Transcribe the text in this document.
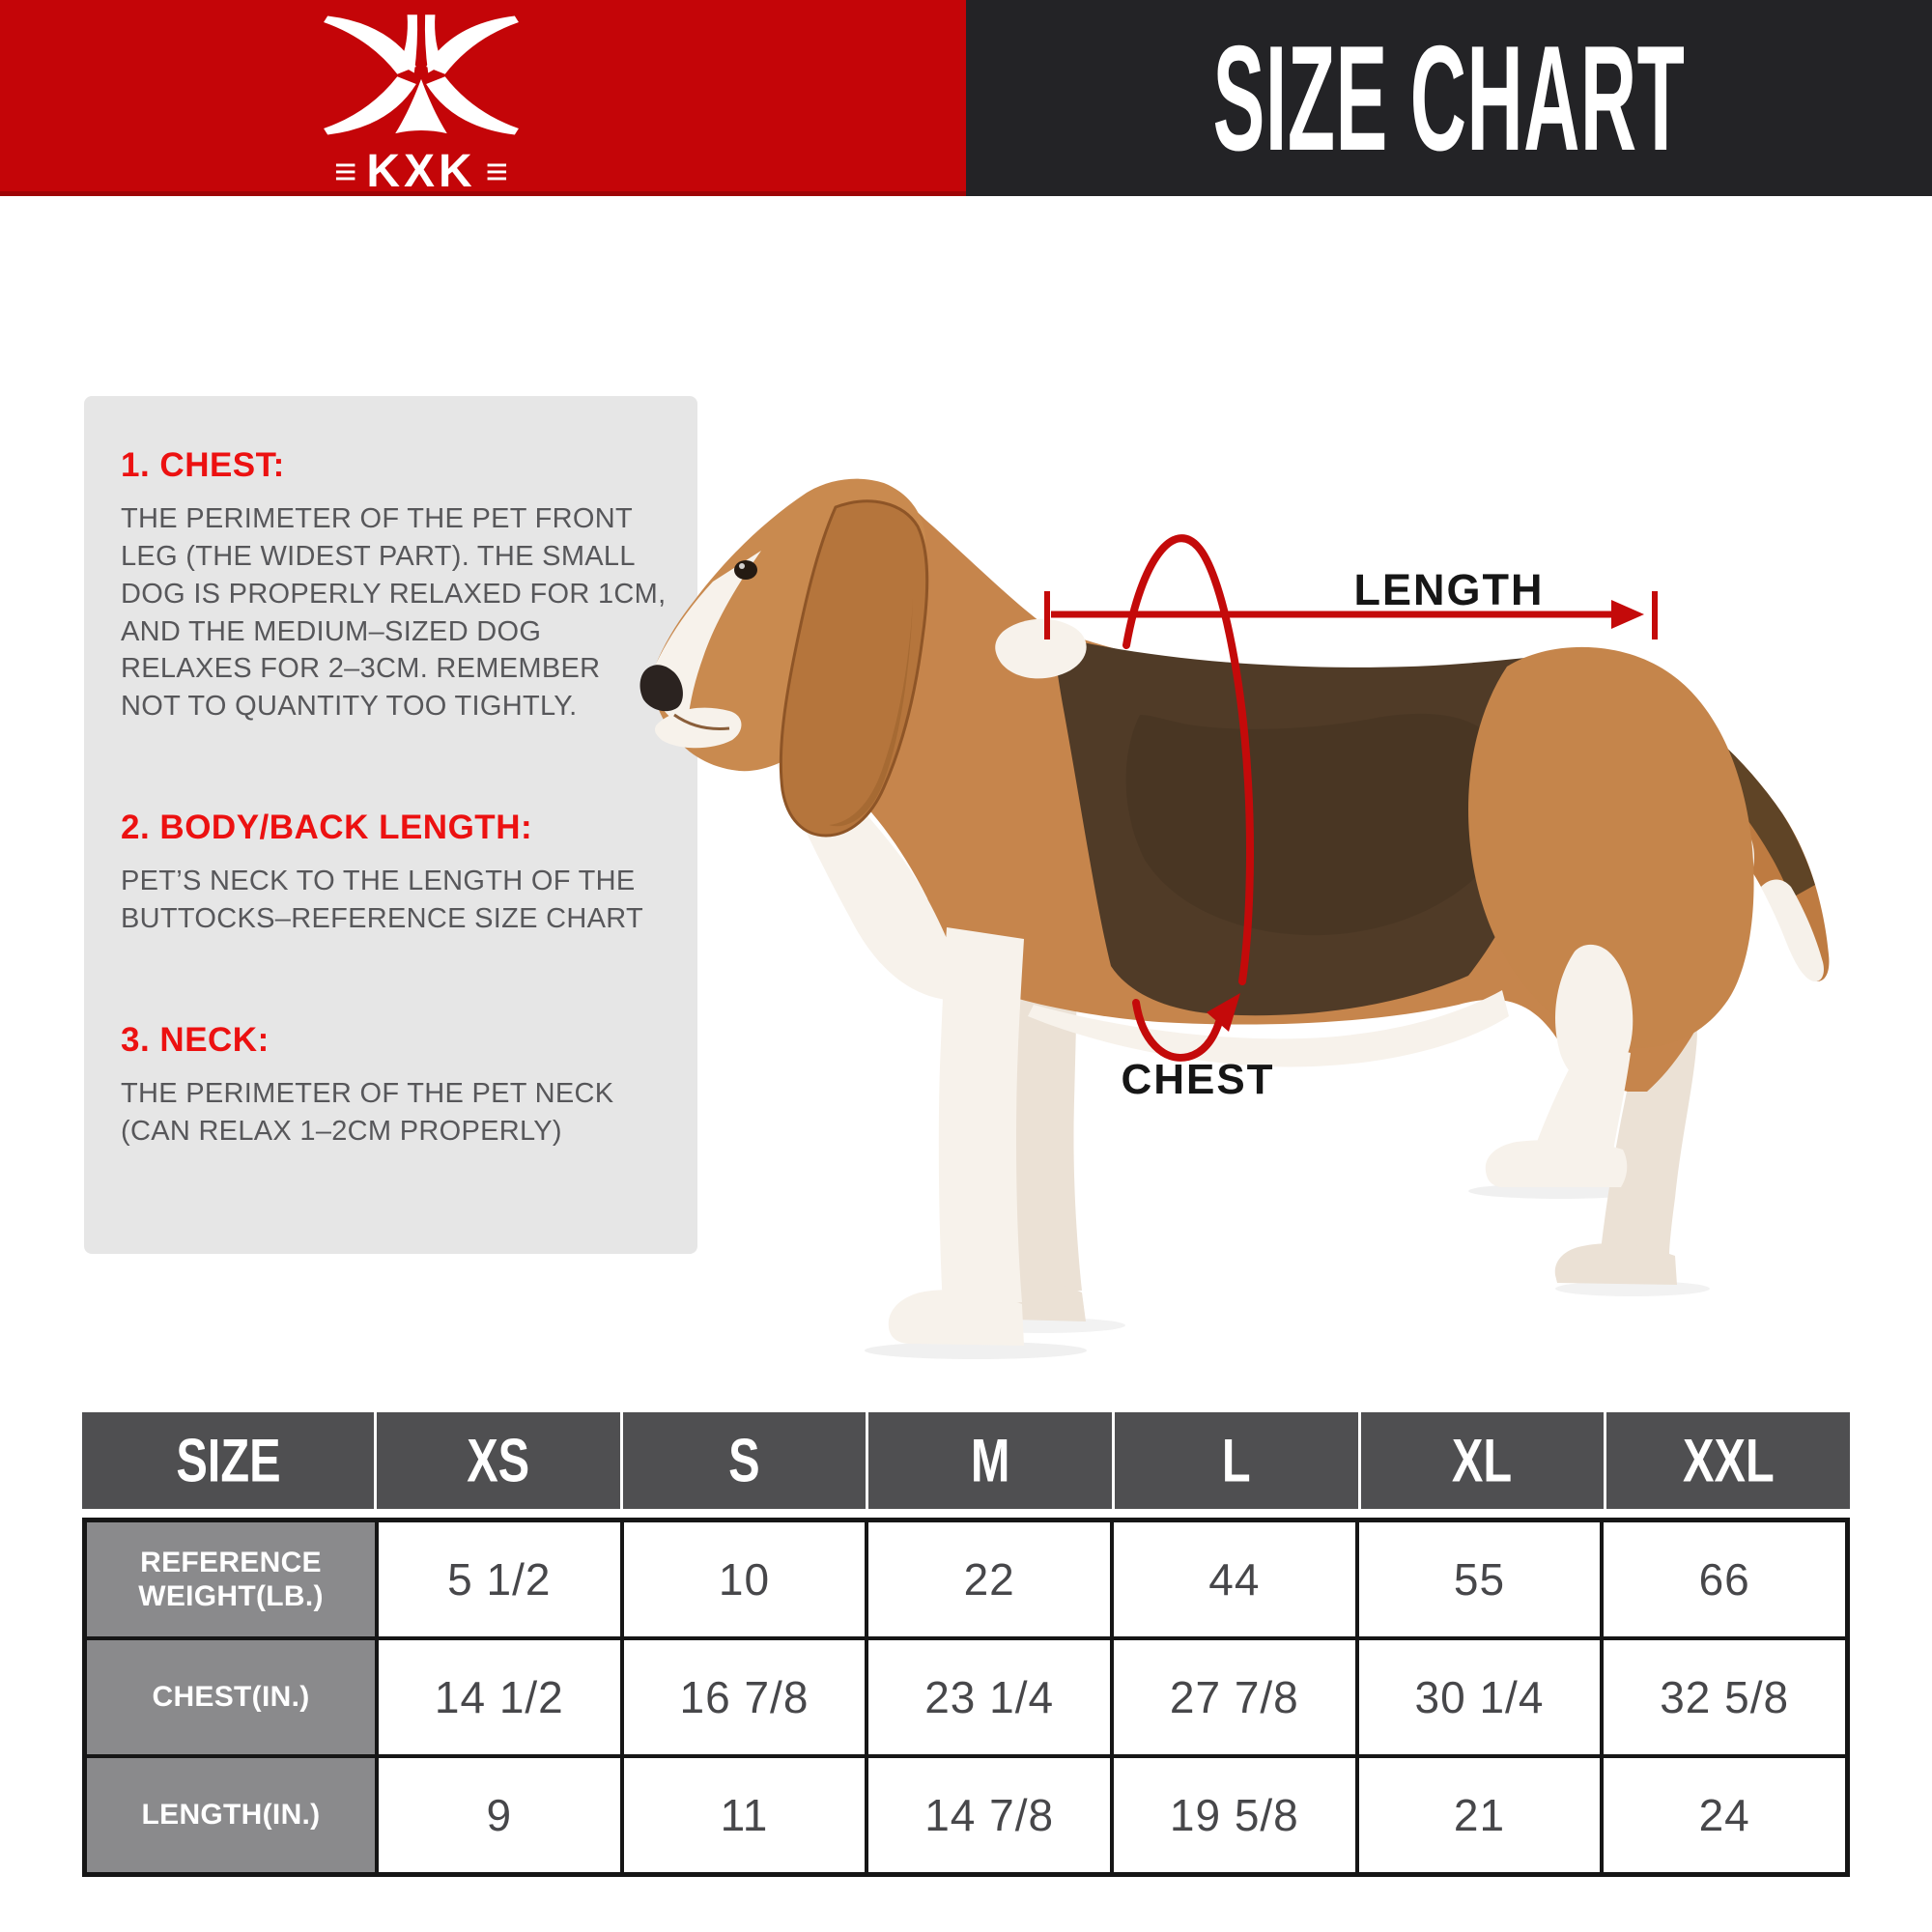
≡ KXK ≡	SIZE CHART
1. CHEST:

THE PERIMETER OF THE PET FRONT LEG (THE WIDEST PART). THE SMALL DOG IS PROPERLY RELAXED FOR 1CM, AND THE MEDIUM–SIZED DOG RELAXES FOR 2–3CM. REMEMBER NOT TO QUANTITY TOO TIGHTLY.

2. BODY/BACK LENGTH:

PET’S NECK TO THE LENGTH OF THE BUTTOCKS–REFERENCE SIZE CHART

3. NECK:

THE PERIMETER OF THE PET NECK (CAN RELAX 1–2CM PROPERLY)

LENGTH
CHEST
SIZE	XS	S	M	L	XL	XXL
REFERENCE WEIGHT(LB.)	5 1/2	10	22	44	55	66
CHEST(IN.)	14 1/2	16 7/8	23 1/4	27 7/8	30 1/4	32 5/8
LENGTH(IN.)	9	11	14 7/8	19 5/8	21	24
